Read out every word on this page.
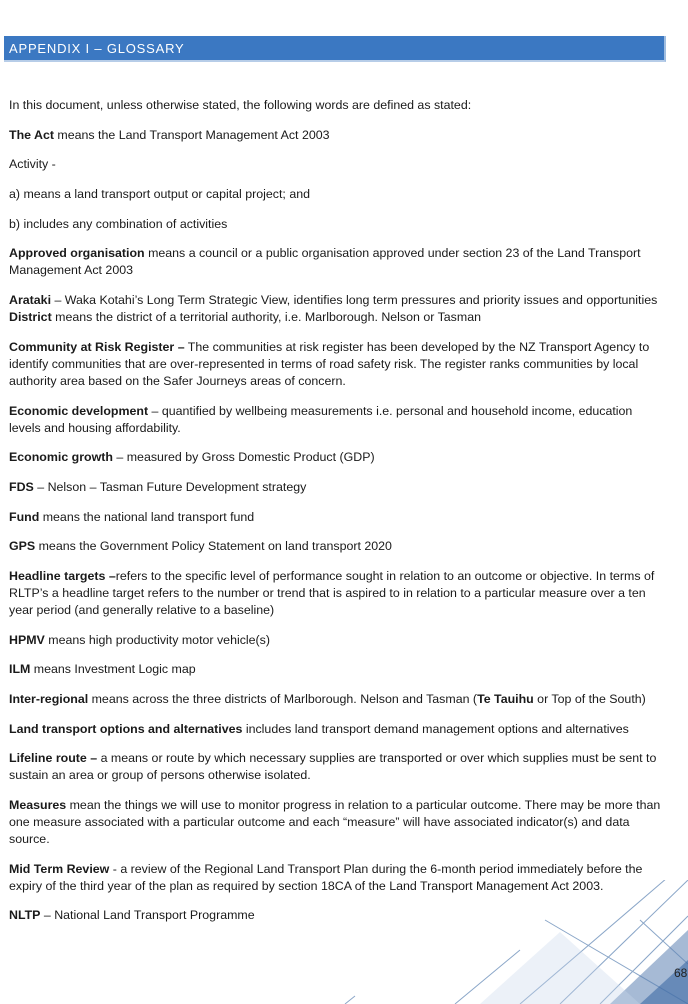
APPENDIX I – GLOSSARY

In this document, unless otherwise stated, the following words are defined as stated:

The Act means the Land Transport Management Act 2003

Activity -

a) means a land transport output or capital project; and

b) includes any combination of activities

Approved organisation means a council or a public organisation approved under section 23 of the Land Transport Management Act 2003

Arataki – Waka Kotahi’s Long Term Strategic View, identifies long term pressures and priority issues and opportunities District means the district of a territorial authority, i.e. Marlborough. Nelson or Tasman

Community at Risk Register – The communities at risk register has been developed by the NZ Transport Agency to identify communities that are over-represented in terms of road safety risk. The register ranks communities by local authority area based on the Safer Journeys areas of concern.

Economic development – quantified by wellbeing measurements i.e. personal and household income, education levels and housing affordability.

Economic growth – measured by Gross Domestic Product (GDP)

FDS – Nelson – Tasman Future Development strategy

Fund means the national land transport fund

GPS means the Government Policy Statement on land transport 2020

Headline targets –refers to the specific level of performance sought in relation to an outcome or objective. In terms of RLTP’s a headline target refers to the number or trend that is aspired to in relation to a particular measure over a ten year period (and generally relative to a baseline)

HPMV means high productivity motor vehicle(s)

ILM means Investment Logic map

Inter-regional means across the three districts of Marlborough. Nelson and Tasman (Te Tauihu or Top of the South)

Land transport options and alternatives includes land transport demand management options and alternatives

Lifeline route – a means or route by which necessary supplies are transported or over which supplies must be sent to sustain an area or group of persons otherwise isolated.

Measures mean the things we will use to monitor progress in relation to a particular outcome. There may be more than one measure associated with a particular outcome and each “measure” will have associated indicator(s) and data source.

Mid Term Review - a review of the Regional Land Transport Plan during the 6-month period immediately before the expiry of the third year of the plan as required by section 18CA of the Land Transport Management Act 2003.

NLTP – National Land Transport Programme

68
